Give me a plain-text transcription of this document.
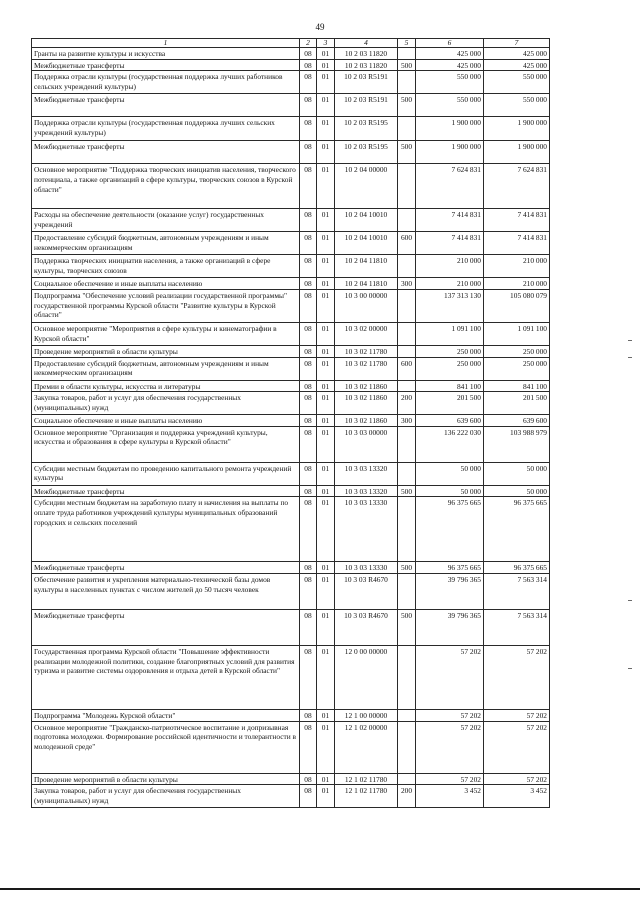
49
1	2	3	4	5	6	7
Гранты на развитие культуры и искусства	08	01	10 2 03 11820		425 000	425 000
Межбюджетные трансферты	08	01	10 2 03 11820	500	425 000	425 000
Поддержка отрасли культуры (государственная поддержка лучших работников сельских учреждений культуры)	08	01	10 2 03 R5191		550 000	550 000
Межбюджетные трансферты	08	01	10 2 03 R5191	500	550 000	550 000
Поддержка отрасли культуры (государственная поддержка лучших сельских учреждений культуры)	08	01	10 2 03 R5195		1 900 000	1 900 000
Межбюджетные трансферты	08	01	10 2 03 R5195	500	1 900 000	1 900 000
Основное мероприятие "Поддержка творческих инициатив населения, творческого потенциала, а также организаций в сфере культуры, творческих союзов в Курской области"	08	01	10 2 04 00000		7 624 831	7 624 831
Расходы на обеспечение деятельности (оказание услуг) государственных учреждений	08	01	10 2 04 10010		7 414 831	7 414 831
Предоставление субсидий бюджетным, автономным учреждениям и иным некоммерческим организациям	08	01	10 2 04 10010	600	7 414 831	7 414 831
Поддержка творческих инициатив населения, а также организаций в сфере культуры, творческих союзов	08	01	10 2 04 11810		210 000	210 000
Социальное обеспечение и иные выплаты населению	08	01	10 2 04 11810	300	210 000	210 000
Подпрограмма "Обеспечение условий реализации государственной программы" государственной программы Курской области "Развитие культуры в Курской области"	08	01	10 3 00 00000		137 313 130	105 080 079
Основное мероприятие "Мероприятия в сфере культуры и кинематографии в Курской области"	08	01	10 3 02 00000		1 091 100	1 091 100
Проведение мероприятий в области культуры	08	01	10 3 02 11780		250 000	250 000
Предоставление субсидий бюджетным, автономным учреждениям и иным некоммерческим организациям	08	01	10 3 02 11780	600	250 000	250 000
Премии в области культуры, искусства и литературы	08	01	10 3 02 11860		841 100	841 100
Закупка товаров, работ и услуг для обеспечения государственных (муниципальных) нужд	08	01	10 3 02 11860	200	201 500	201 500
Социальное обеспечение и иные выплаты населению	08	01	10 3 02 11860	300	639 600	639 600
Основное мероприятие "Организация и поддержка учреждений культуры, искусства и образования в сфере культуры в Курской области"	08	01	10 3 03 00000		136 222 030	103 988 979
Субсидии местным бюджетам по проведению капитального ремонта учреждений культуры	08	01	10 3 03 13320		50 000	50 000
Межбюджетные трансферты	08	01	10 3 03 13320	500	50 000	50 000
Субсидии местным бюджетам на заработную плату и начисления на выплаты по оплате труда работников учреждений культуры муниципальных образований городских и сельских поселений	08	01	10 3 03 13330		96 375 665	96 375 665
Межбюджетные трансферты	08	01	10 3 03 13330	500	96 375 665	96 375 665
Обеспечение развития и укрепления материально-технической базы домов культуры в населенных пунктах с числом жителей до 50 тысяч человек	08	01	10 3 03 R4670		39 796 365	7 563 314
Межбюджетные трансферты	08	01	10 3 03 R4670	500	39 796 365	7 563 314
Государственная программа Курской области "Повышение эффективности реализации молодежной политики, создание благоприятных условий для развития туризма и развитие системы оздоровления и отдыха детей в Курской области"	08	01	12 0 00 00000		57 202	57 202
Подпрограмма "Молодежь Курской области"	08	01	12 1 00 00000		57 202	57 202
Основное мероприятие "Гражданско-патриотическое воспитание и допризывная подготовка молодежи. Формирование российской идентичности и толерантности в молодежной среде"	08	01	12 1 02 00000		57 202	57 202
Проведение мероприятий в области культуры	08	01	12 1 02 11780		57 202	57 202
Закупка товаров, работ и услуг для обеспечения государственных (муниципальных) нужд	08	01	12 1 02 11780	200	3 452	3 452
